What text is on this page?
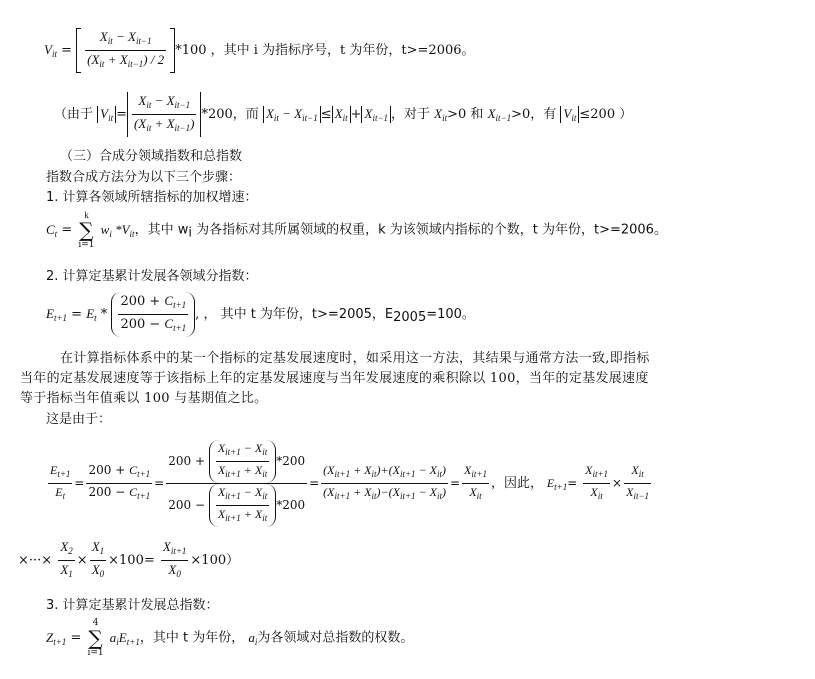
$V_{it} = \frac{X_{it} - X_{it-1}}{(X_{it} + X_{it-1}) / 2} *100$ ，其中 i 为指标序号，t 为年份，t>=2006。
（由于 $V_{it} = \frac{X_{it} - X_{it-1}}{(X_{it} + X_{it-1})} *200$，而 $X_{it} - X_{it-1} \le X_{it} + X_{it-1}$ ，对于 $X_{it}>0$ 和 $X_{it-1}>0$，有 $V_{it} \le 200$ ）
（三）合成分领域指数和总指数
指数合成方法分为以下三个步骤：
1. 计算各领域所辖指标的加权增速：
$C_t$ =
k
∑
i=1
$w_i$ $*V_{it}$，其中 $w_i$ 为各指标对其所属领域的权重，k 为该领域内指标的个数，t 为年份，t>=2006。
2. 计算定基累计发展各领域分指数：
$E_{t+1} = E_t * \frac{200 + C_{t+1}}{200 - C_{t+1}}$ , ， 其中 t 为年份，t>=2005，$E_{2005}=100$。
在计算指标体系中的某一个指标的定基发展速度时，如采用这一方法，其结果与通常方法一致,即指标
当年的定基发展速度等于该指标上年的定基发展速度与当年发展速度的乘积除以 100，当年的定基发展速度
等于指标当年值乘以 100 与基期值之比。
这是由于：
$\frac{E_{t+1}}{E_t} = \frac{200 + C_{t+1}}{200 - C_{t+1}} = \frac{200 + \frac{X_{it+1} - X_{it}}{X_{it+1} + X_{it}} *200}{200 - \frac{X_{it+1} - X_{it}}{X_{it+1} + X_{it}} *200} = \frac{(X_{it+1} + X_{it})+(X_{it+1} - X_{it})}{(X_{it+1} + X_{it})-(X_{it+1} - X_{it})} = \frac{X_{it+1}}{X_{it}}$ ，因此， $E_{t+1}= \frac{X_{it+1}}{X_{it}} \times \frac{X_{it}}{X_{it-1}}$
×···× $\frac{X_2}{X_1} \times \frac{X_1}{X_0} \times 100= \frac{X_{it+1}}{X_0} \times 100$）
3. 计算定基累计发展总指数：
$Z_{t+1}$ =
4
∑
i=1
$a_iE_{t+1}$，其中 t 为年份， $a_i$为各领域对总指数的权数。
